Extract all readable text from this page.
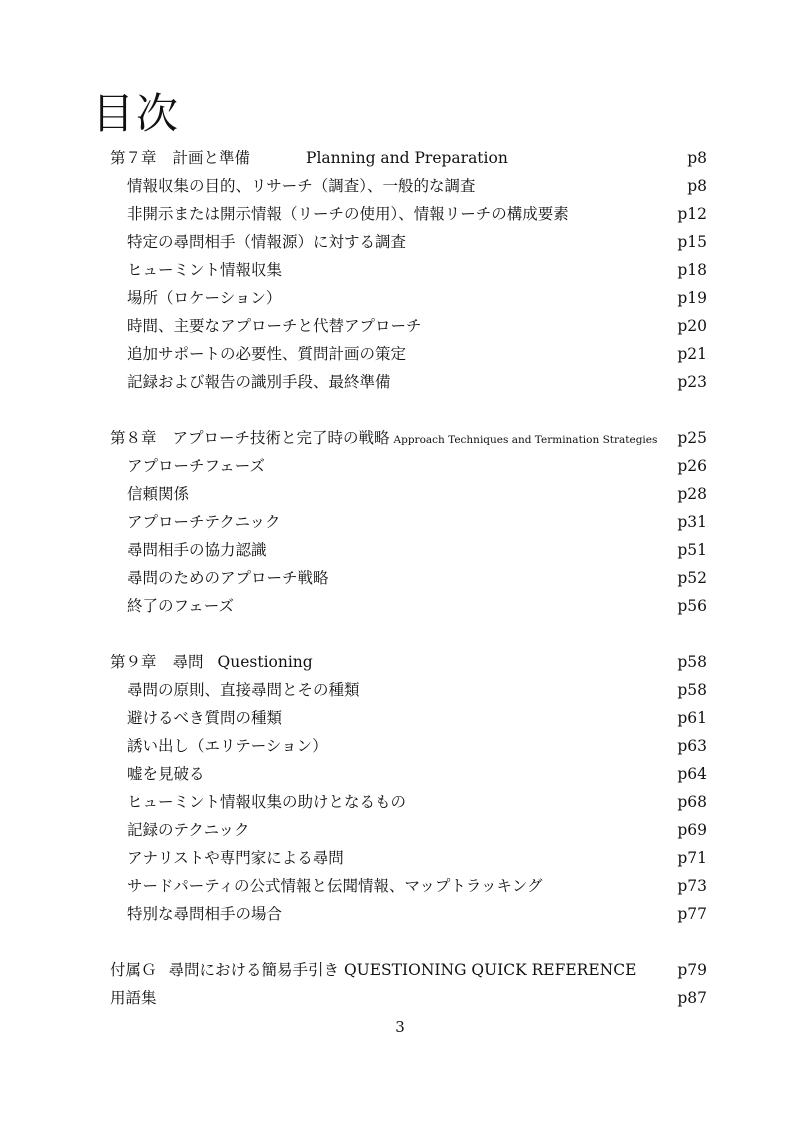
目次
第７章 計画と準備	Planning and Preparation	p8
情報収集の目的、リサーチ（調査）、一般的な調査	p8
非開示または開示情報（リーチの使用）、情報リーチの構成要素	p12
特定の尋問相手（情報源）に対する調査	p15
ヒューミント情報収集	p18
場所（ロケーション）	p19
時間、主要なアプローチと代替アプローチ	p20
追加サポートの必要性、質問計画の策定	p21
記録および報告の識別手段、最終準備	p23
第８章 アプローチ技術と完了時の戦略 Approach Techniques and Termination Strategies p25
アプローチフェーズ	p26
信頼関係	p28
アプローチテクニック	p31
尋問相手の協力認識	p51
尋問のためのアプローチ戦略	p52
終了のフェーズ	p56
第９章 尋問 Questioning	p58
尋問の原則、直接尋問とその種類	p58
避けるべき質問の種類	p61
誘い出し（エリテーション）	p63
嘘を見破る	p64
ヒューミント情報収集の助けとなるもの	p68
記録のテクニック	p69
アナリストや専門家による尋問	p71
サードパーティの公式情報と伝聞情報、マップトラッキング	p73
特別な尋問相手の場合	p77
付属Ｇ 尋問における簡易手引き QUESTIONING QUICK REFERENCE	p79
用語集	p87
3
